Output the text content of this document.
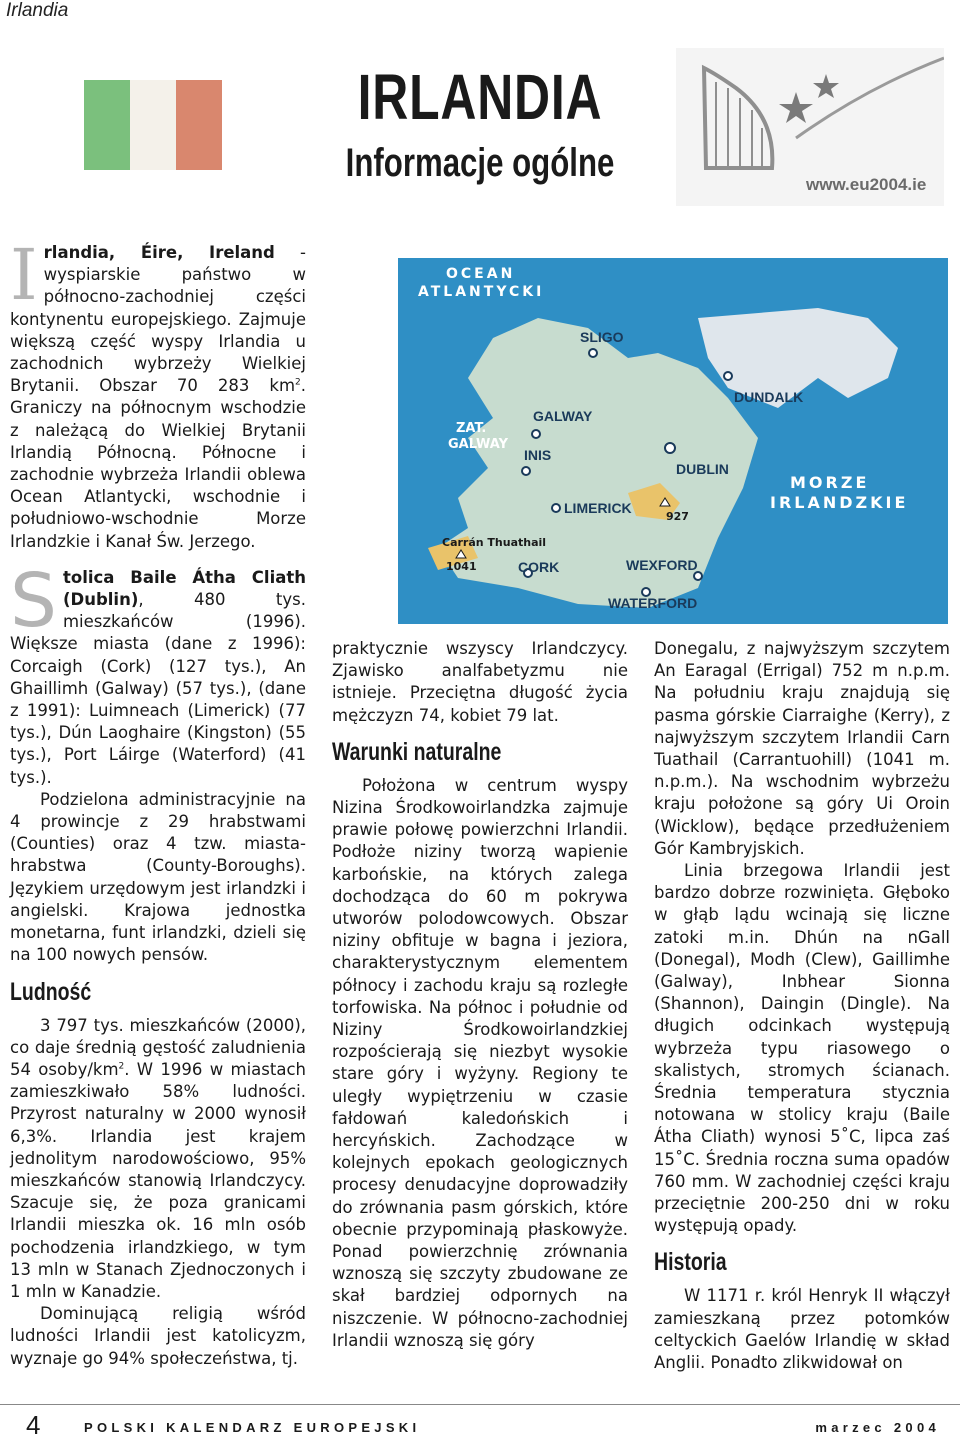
Irlandia
IRLANDIA
Informacje ogólne	www.eu2004.ie
OCEAN
ATLANTYCKI
MORZE
IRLANDZKIE
ZAT.
GALWAY
SLIGO
GALWAY
INIS
DUBLIN
DUNDALK
LIMERICK
CORK	WEXFORD
WATERFORD
Carrán Thuathail
1041
927

Irlandia, Éire, Ireland - wyspiarskie państwo w północno-zachodniej części kontynentu europejskiego. Zajmuje większą część wyspy Irlandia u zachodnich wybrzeży Wielkiej Brytanii. Obszar 70 283 $km^2$. Graniczy na północnym wschodzie z należącą do Wielkiej Brytanii Irlandią Północną. Północne i zachodnie wybrzeża Irlandii oblewa Ocean Atlantycki, wschodnie i południowo-wschodnie Morze Irlandzkie i Kanał Św. Jerzego.

Stolica Baile Átha Cliath (Dublin), 480 tys. mieszkańców (1996). Większe miasta (dane z 1996): Corcaigh (Cork) (127 tys.), An Ghaillimh (Galway) (57 tys.), (dane z 1991): Luimneach (Limerick) (77 tys.), Dún Laoghaire (Kingston) (55 tys.), Port Láirge (Waterford) (41 tys.).

Podzielona administracyjnie na 4 prowincje z 29 hrabstwami (Counties) oraz 4 tzw. miasta-hrabstwa (County-Boroughs). Językiem urzędowym jest irlandzki i angielski. Krajowa jednostka monetarna, funt irlandzki, dzieli się na 100 nowych pensów.

Ludność

3 797 tys. mieszkańców (2000), co daje średnią gęstość zaludnienia 54 osoby/$km^2$. W 1996 w miastach zamieszkiwało 58% ludności. Przyrost naturalny w 2000 wynosił 6,3%. Irlandia jest krajem jednolitym narodowościowo, 95% mieszkańców stanowią Irlandczycy. Szacuje się, że poza granicami Irlandii mieszka ok. 16 mln osób pochodzenia irlandzkiego, w tym 13 mln w Stanach Zjednoczonych i 1 mln w Kanadzie.

Dominującą religią wśród ludności Irlandii jest katolicyzm, wyznaje go 94% społeczeństwa, tj.

praktycznie wszyscy Irlandczycy. Zjawisko analfabetyzmu nie istnieje. Przeciętna długość życia mężczyzn 74, kobiet 79 lat.

Warunki naturalne

Położona w centrum wyspy Nizina Środkowoirlandzka zajmuje prawie połowę powierzchni Irlandii. Podłoże niziny tworzą wapienie karbońskie, na których zalega dochodząca do 60 m pokrywa utworów polodowcowych. Obszar niziny obfituje w bagna i jeziora, charakterystycznym elementem północy i zachodu kraju są rozległe torfowiska. Na północ i południe od Niziny Środkowoirlandzkiej rozpościerają się niezbyt wysokie stare góry i wyżyny. Regiony te uległy wypiętrzeniu w czasie fałdowań kaledońskich i hercyńskich. Zachodzące w kolejnych epokach geologicznych procesy denudacyjne doprowadziły do zrównania pasm górskich, które obecnie przypominają płaskowyże. Ponad powierzchnię zrównania wznoszą się szczyty zbudowane ze skał bardziej odpornych na niszczenie. W północno-zachodniej Irlandii wznoszą się góry

Donegalu, z najwyższym szczytem An Earagal (Errigal) 752 m n.p.m. Na południu kraju znajdują się pasma górskie Ciarraighe (Kerry), z najwyższym szczytem Irlandii Carn Tuathail (Carrantuohill) (1041 m. n.p.m.). Na wschodnim wybrzeżu kraju położone są góry Ui Oroin (Wicklow), będące przedłużeniem Gór Kambryjskich.

Linia brzegowa Irlandii jest bardzo dobrze rozwinięta. Głęboko w głąb lądu wcinają się liczne zatoki m.in. Dhún na nGall (Donegal), Modh (Clew), Gaillimhe (Galway), Inbhear Sionna (Shannon), Daingin (Dingle). Na długich odcinkach występują wybrzeża typu riasowego o skalistych, stromych ścianach. Średnia temperatura stycznia notowana w stolicy kraju (Baile Átha Cliath) wynosi 5˚C, lipca zaś 15˚C. Średnia roczna suma opadów 760 mm. W zachodniej części kraju przeciętnie 200-250 dni w roku występują opady.

Historia

W 1171 r. król Henryk II włączył zamieszkaną przez potomków celtyckich Gaelów Irlandię w skład Anglii. Ponadto zlikwidował on

4	POLSKI KALENDARZ EUROPEJSKI	marzec 2004
